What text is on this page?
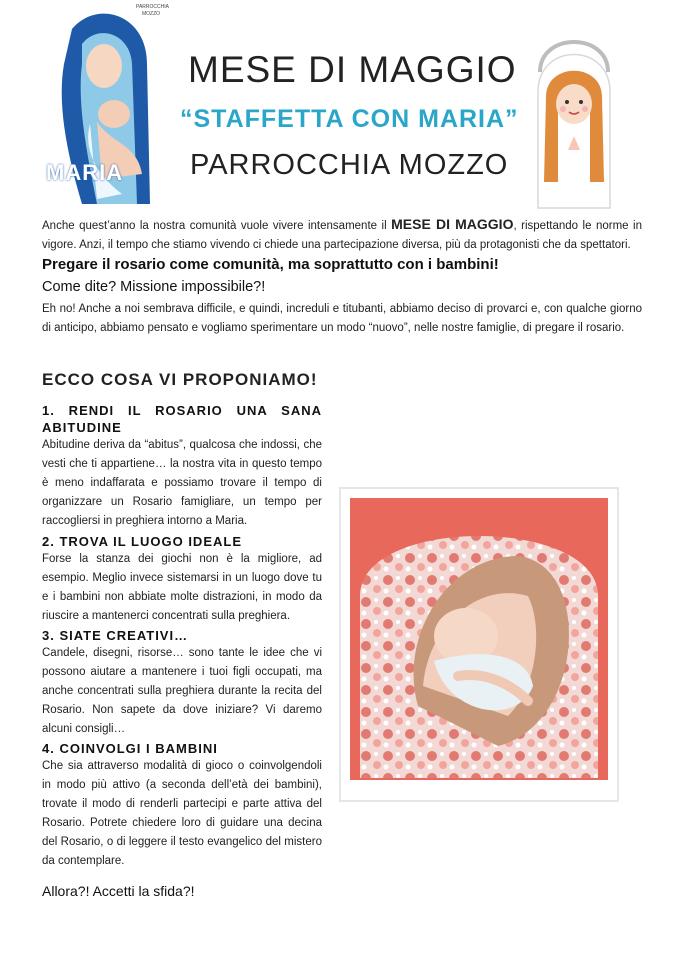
PARROCCHIA MOZZO
MARIA
MESE DI MAGGIO
“STAFFETTA CON MARIA”
PARROCCHIA MOZZO
Anche quest’anno la nostra comunità vuole vivere intensamente il MESE DI MAGGIO, rispettando le norme in vigore. Anzi, il tempo che stiamo vivendo ci chiede una partecipazione diversa, più da protagonisti che da spettatori.
Pregare il rosario come comunità, ma soprattutto con i bambini!
Come dite? Missione impossibile?!
Eh no! Anche a noi sembrava difficile, e quindi, increduli e titubanti, abbiamo deciso di provarci e, con qualche giorno di anticipo, abbiamo pensato e vogliamo sperimentare un modo “nuovo”, nelle nostre famiglie, di pregare il rosario.
ECCO COSA VI PROPONIAMO!
1. RENDI IL ROSARIO UNA SANA ABITUDINE
Abitudine deriva da “abitus”, qualcosa che indossi, che vesti che ti appartiene… la nostra vita in questo tempo è meno indaffarata e possiamo trovare il tempo di organizzare un Rosario famigliare, un tempo per raccogliersi in preghiera intorno a Maria.
2. TROVA IL LUOGO IDEALE
Forse la stanza dei giochi non è la migliore, ad esempio. Meglio invece sistemarsi in un luogo dove tu e i bambini non abbiate molte distrazioni, in modo da riuscire a mantenerci concentrati sulla preghiera.
3. SIATE CREATIVI…
Candele, disegni, risorse… sono tante le idee che vi possono aiutare a mantenere i tuoi figli occupati, ma anche concentrati sulla preghiera durante la recita del Rosario. Non sapete da dove iniziare? Vi daremo alcuni consigli…
4. COINVOLGI I BAMBINI
Che sia attraverso modalità di gioco o coinvolgendoli in modo più attivo (a seconda dell’età dei bambini), trovate il modo di renderli partecipi e parte attiva del Rosario. Potrete chiedere loro di guidare una decina del Rosario, o di leggere il testo evangelico del mistero da contemplare.
Allora?! Accetti la sfida?!
